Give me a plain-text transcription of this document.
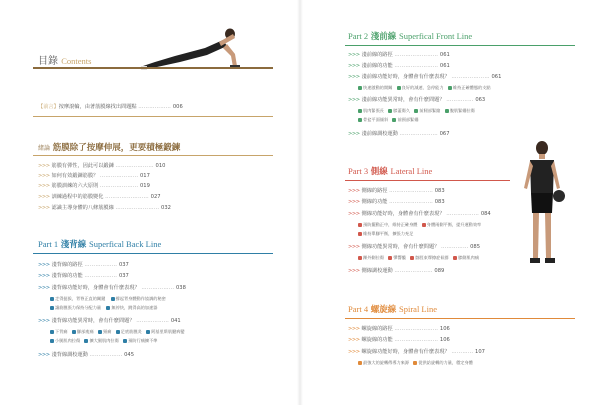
目錄 Contents
【前言】按摩滾輪，由著筋膜線找出問題點 ……………… 006
緒論 筋膜除了按摩伸展，更要積極鍛鍊
>>> 筋膜有彈性，因此可以鍛鍊 ………………… 010
>>> 如何有效鍛鍊筋膜？ ………………… 017
>>> 筋膜訓練的六大原則 ………………… 019
>>> 訓練過程中的筋膜變化 …………………… 027
>>> 認識主導身體的八條筋膜線 …………………… 032
Part 1 淺背線 Superfical Back Line
>>> 淺背線的路徑 ……………… 037
>>> 淺背線的功能 ……………… 037
>>> 淺背線功能好時，身體會有什麼表現？ ……………… 038
走得挺拔，背脊正直的關鍵 撐起背身體動作協調的秘密
讓筋膜張力保持分配力量 無停快，跳得高的加速器
>>> 淺背線功能異常時，會有什麼問題？ ……………… 041
下背痛 腳部痠痛 頸痛 足底筋膜炎 阿基里斯肌腱病變
小腿肌肉拉傷 擴大腿肌肉拉傷 預防行痛擴不準
>>> 淺背線調校運動 ……………… 045
Part 2 淺前線 Superfical Front Line
>>> 淺前線的路徑 …………………… 061
>>> 淺前線的功能 …………………… 061
>>> 淺前線功能好時，身體會有什麼表現？ ………………… 061
快速啟動的開關 良好的減速、急停能力 維持正確體態的支點
>>> 淺前線功能異常時，會有什麼問題？ …………… 063
肌肉緊張長 膝蓋傷久 前腿部緊縮 腹肌緊繃拉傷
骨盆平面傾斜 前頸部緊繃
>>> 淺前線調校運動 ………………… 067
Part 3 側線 Lateral Line
>>> 側線的路徑 …………………… 083
>>> 側線的功能 …………………… 083
>>> 側線功能好時，身體會有什麼表現？ ……………… 084
預防擺動正中，維持正確身體 身體兩側平衡，提升運動效率
維持單腳平衡，擴張力充足
>>> 側線功能異常時，會有什麼問題？ …………… 085
踝外側拉傷 彈響髖 髂脛束摩擦症候群 膝側肌肉痛
>>> 側線調校運動 ………………… 089
Part 4 螺旋線 Spiral Line
>>> 螺旋線的路徑 …………………… 106
>>> 螺旋線的功能 …………………… 106
>>> 螺旋線功能好時，身體會有什麼表現？ ………… 107
最強大的旋轉傳導力來源 從供給旋轉的力量，穩定身體
